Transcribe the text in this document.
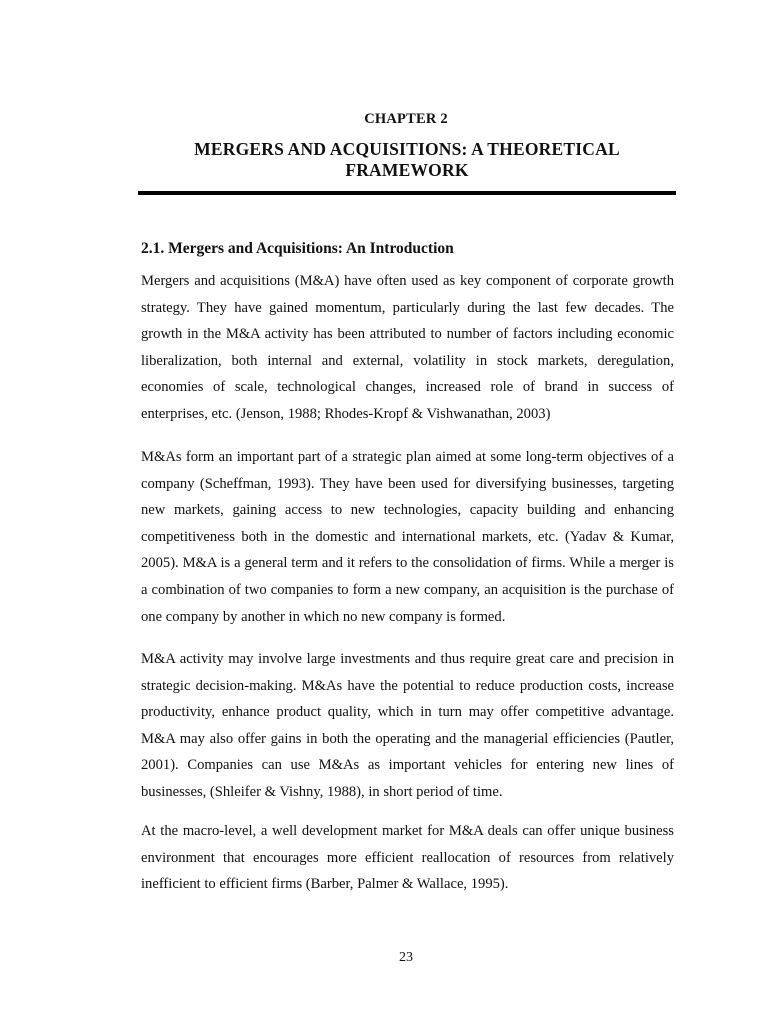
CHAPTER 2
MERGERS AND ACQUISITIONS: A THEORETICAL
FRAMEWORK
2.1. Mergers and Acquisitions: An Introduction

Mergers and acquisitions (M&A) have often used as key component of corporate growth strategy. They have gained momentum, particularly during the last few decades. The growth in the M&A activity has been attributed to number of factors including economic liberalization, both internal and external, volatility in stock markets, deregulation, economies of scale, technological changes, increased role of brand in success of enterprises, etc. (Jenson, 1988; Rhodes-Kropf & Vishwanathan, 2003)

M&As form an important part of a strategic plan aimed at some long-term objectives of a company (Scheffman, 1993). They have been used for diversifying businesses, targeting new markets, gaining access to new technologies, capacity building and enhancing competitiveness both in the domestic and international markets, etc. (Yadav & Kumar, 2005). M&A is a general term and it refers to the consolidation of firms. While a merger is a combination of two companies to form a new company, an acquisition is the purchase of one company by another in which no new company is formed.

M&A activity may involve large investments and thus require great care and precision in strategic decision-making. M&As have the potential to reduce production costs, increase productivity, enhance product quality, which in turn may offer competitive advantage. M&A may also offer gains in both the operating and the managerial efficiencies (Pautler, 2001). Companies can use M&As as important vehicles for entering new lines of businesses, (Shleifer & Vishny, 1988), in short period of time.

At the macro-level, a well development market for M&A deals can offer unique business environment that encourages more efficient reallocation of resources from relatively inefficient to efficient firms (Barber, Palmer & Wallace, 1995).

23
